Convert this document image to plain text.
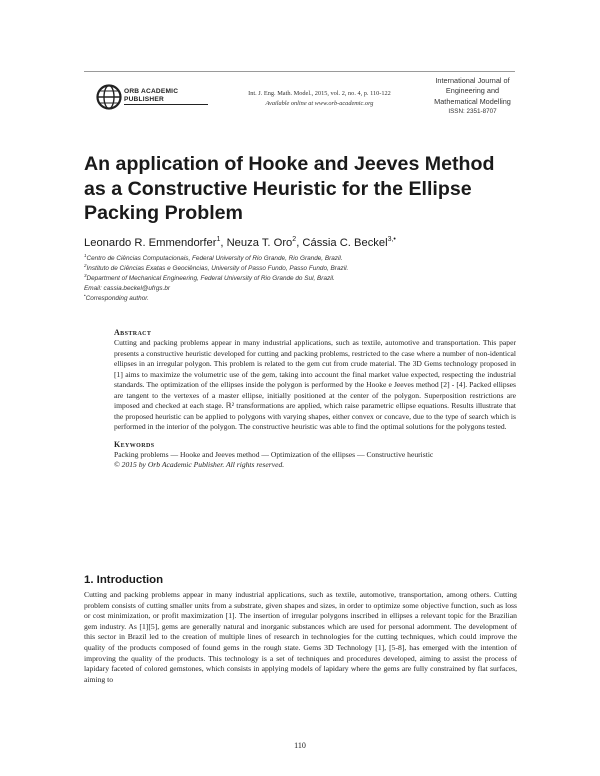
ORB ACADEMIC PUBLISHER
Int. J. Eng. Math. Model., 2015, vol. 2, no. 4, p. 110-122
Available online at www.orb-academic.org
International Journal of
Engineering and
Mathematical Modelling
ISSN: 2351-8707
An application of Hooke and Jeeves Method
as a Constructive Heuristic for the Ellipse
Packing Problem
Leonardo R. Emmendorfer$^1$, Neuza T. Oro$^2$, Cássia C. Beckel$^{3,•}$
$^1$Centro de Ciências Computacionais, Federal University of Rio Grande, Rio Grande, Brazil.
$^2$Instituto de Ciências Exatas e Geociências, University of Passo Fundo, Passo Fundo, Brazil.
$^3$Department of Mechanical Engineering, Federal University of Rio Grande do Sul, Brazil.
Email: cassia.beckel@ufrgs.br
•Corresponding author.
Abstract
Cutting and packing problems appear in many industrial applications, such as textile, automotive and transportation. This paper presents a constructive heuristic developed for cutting and packing problems, restricted to the case where a number of non-identical ellipses in an irregular polygon. This problem is related to the gem cut from crude material. The 3D Gems technology proposed in [1] aims to maximize the volumetric use of the gem, taking into account the final market value expected, respecting the industrial standards. The optimization of the ellipses inside the polygon is performed by the Hooke e Jeeves method [2] - [4]. Packed ellipses are tangent to the vertexes of a master ellipse, initially positioned at the center of the polygon. Superposition restrictions are imposed and checked at each stage. ℝ² transformations are applied, which raise parametric ellipse equations. Results illustrate that the proposed heuristic can be applied to polygons with varying shapes, either convex or concave, due to the type of search which is performed in the interior of the polygon. The constructive heuristic was able to find the optimal solutions for the polygons tested.
Keywords
Packing problems — Hooke and Jeeves method — Optimization of the ellipses — Constructive heuristic
© 2015 by Orb Academic Publisher. All rights reserved.
1. Introduction

Cutting and packing problems appear in many industrial applications, such as textile, automotive, transportation, among others. Cutting problem consists of cutting smaller units from a substrate, given shapes and sizes, in order to optimize some objective function, such as loss or cost minimization, or profit maximization [1]. The insertion of irregular polygons inscribed in ellipses a relevant topic for the Brazilian gem industry. As [1][5], gems are generally natural and inorganic substances which are used for personal adornment. The development of this sector in Brazil led to the creation of multiple lines of research in technologies for the cutting techniques, which could improve the quality of the products composed of found gems in the rough state. Gems 3D Technology [1], [5-8], has emerged with the intention of improving the quality of the products. This technology is a set of techniques and procedures developed, aiming to assist the process of lapidary faceted of colored gemstones, which consists in applying models of lapidary where the gems are fully constrained by flat surfaces, aiming to

110
